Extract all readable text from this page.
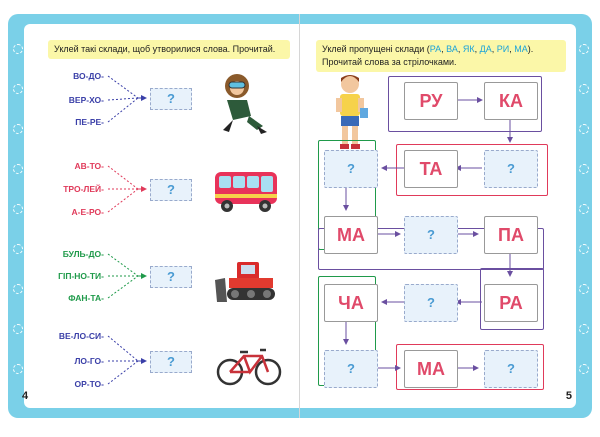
Уклей такі склади, щоб утворилися слова. Прочитай.
ВО-ДО-
ВЕР-ХО-
ПЕ-РЕ-
?
АВ-ТО-
ТРО-ЛЕЙ-
А-Е-РО-
?
БУЛЬ-ДО-
ГІП-НО-ТИ-
ФАН-ТА-
?
ВЕ-ЛО-СИ-
ЛО-ГО-
ОР-ТО-
?
4
Уклей пропущені склади (РА, ВА, ЯК, ДА, РИ, МА). Прочитай слова за стрілочками.
РУ	КА
?	ТА	?
МА	?	ПА
ЧА	?	РА
?	МА	?
5
